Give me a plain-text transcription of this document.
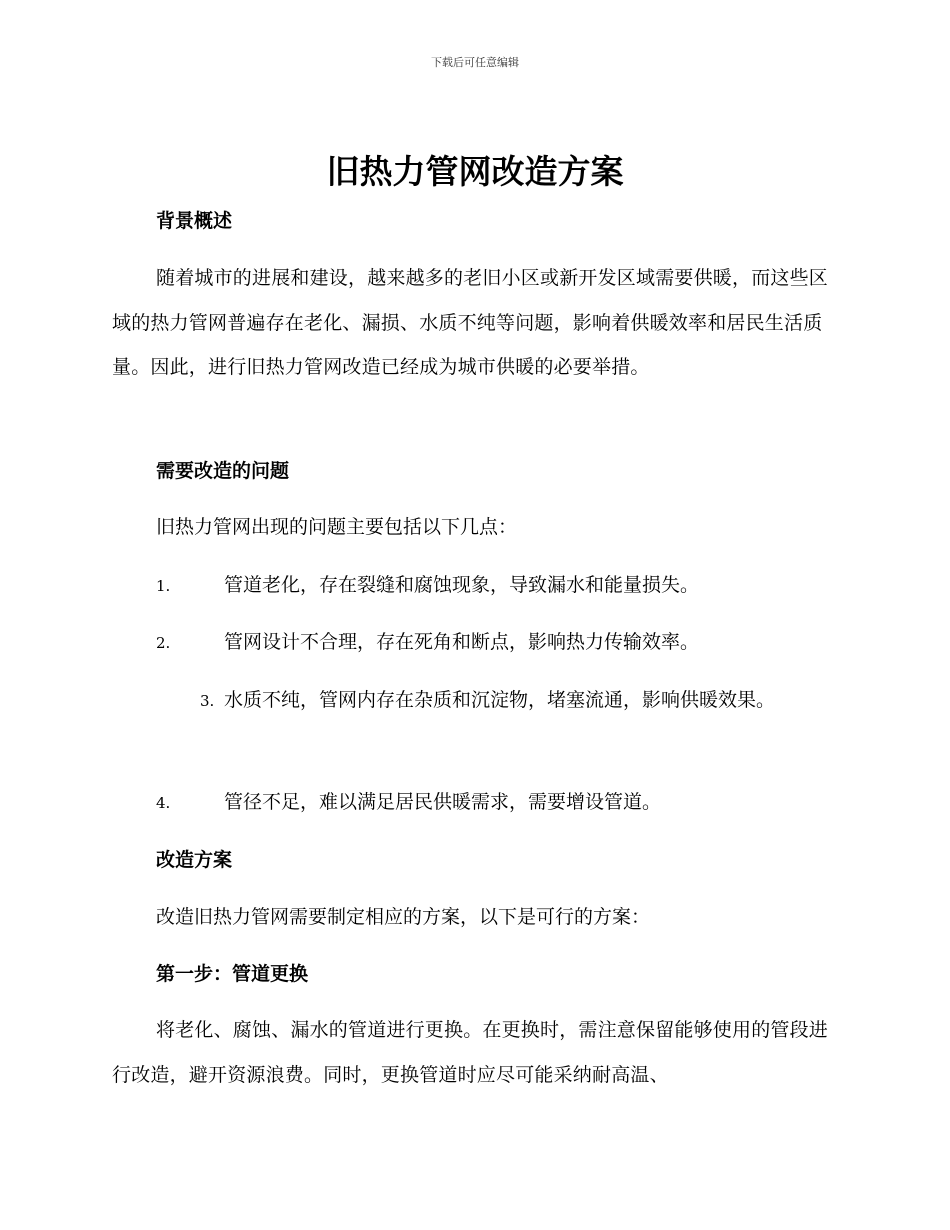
下载后可任意编辑
旧热力管网改造方案
背景概述

随着城市的进展和建设，越来越多的老旧小区或新开发区域需要供暖，而这些区域的热力管网普遍存在老化、漏损、水质不纯等问题，影响着供暖效率和居民生活质量。因此，进行旧热力管网改造已经成为城市供暖的必要举措。

需要改造的问题

旧热力管网出现的问题主要包括以下几点：

1.	管道老化，存在裂缝和腐蚀现象，导致漏水和能量损失。
2.	管网设计不合理，存在死角和断点，影响热力传输效率。
3. 水质不纯，管网内存在杂质和沉淀物，堵塞流通，影响供暖效果。
4.	管径不足，难以满足居民供暖需求，需要增设管道。
改造方案

改造旧热力管网需要制定相应的方案，以下是可行的方案：

第一步：管道更换

将老化、腐蚀、漏水的管道进行更换。在更换时，需注意保留能够使用的管段进行改造，避开资源浪费。同时，更换管道时应尽可能采纳耐高温、
